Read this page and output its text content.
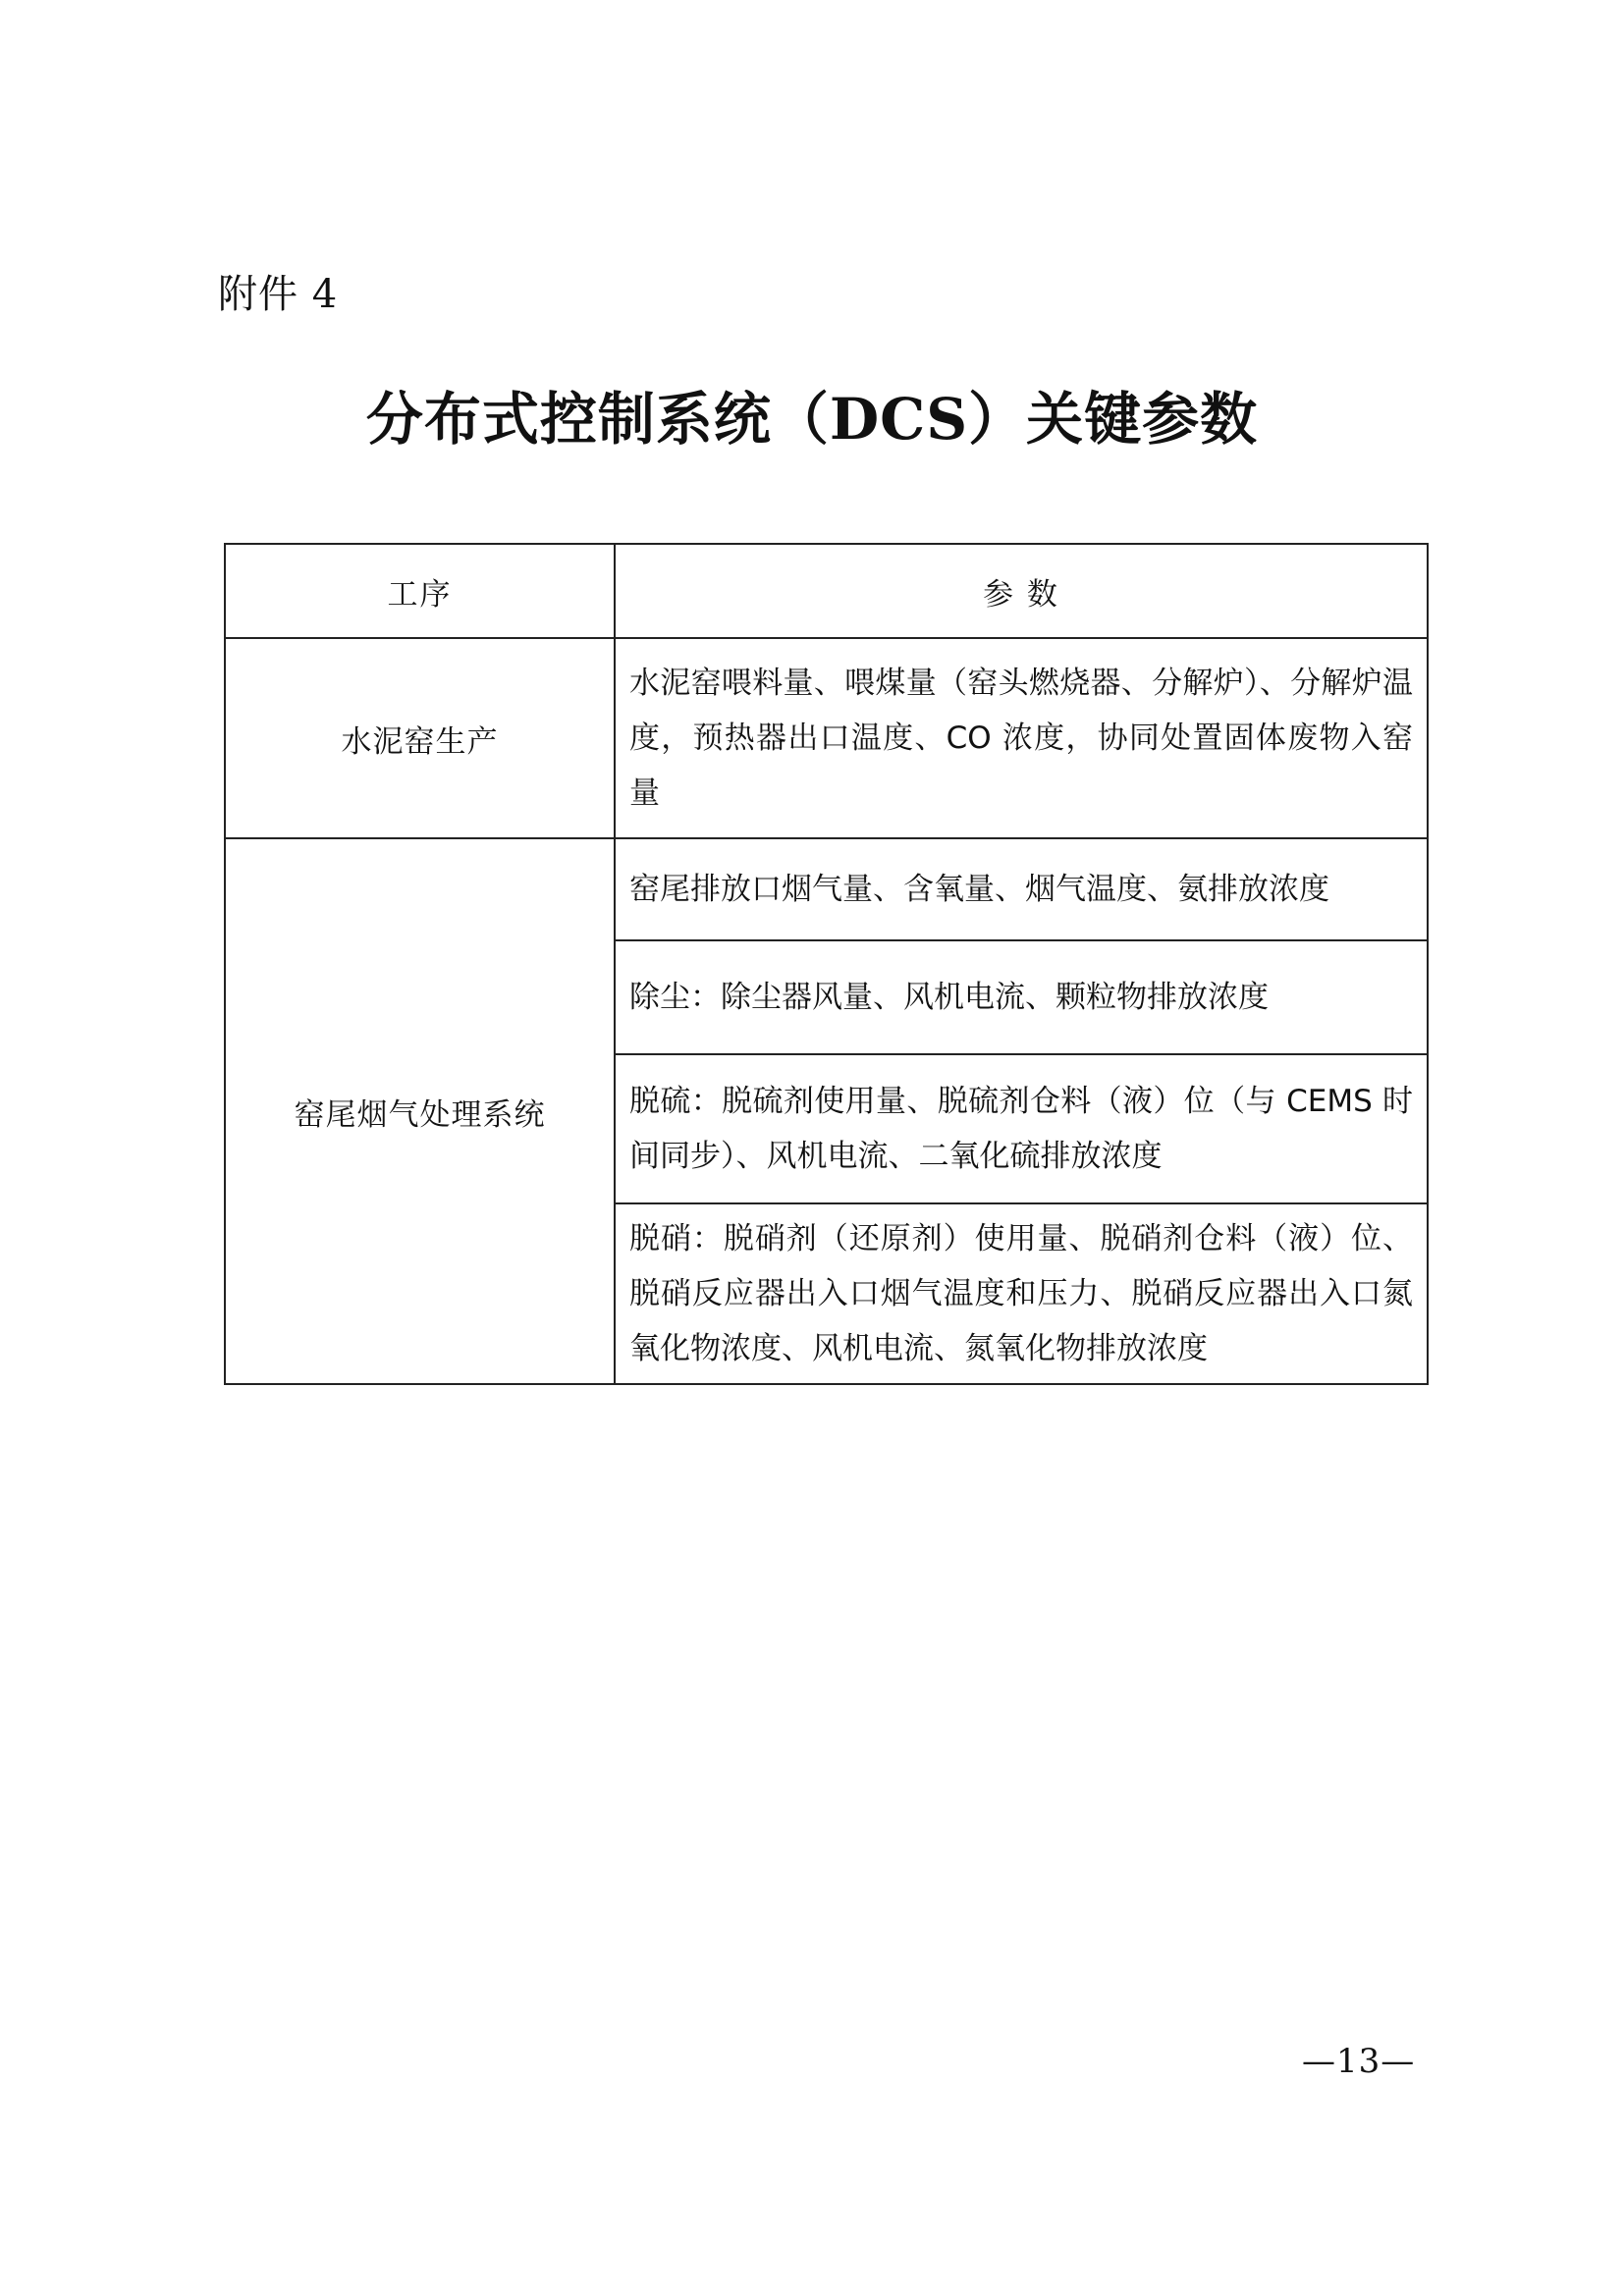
附件 4
分布式控制系统（DCS）关键参数
工序	参 数
水泥窑生产	水泥窑喂料量、喂煤量（窑头燃烧器、分解炉）、分解炉温度，预热器出口温度、CO 浓度，协同处置固体废物入窑量
窑尾烟气处理系统	窑尾排放口烟气量、含氧量、烟气温度、氨排放浓度
	除尘：除尘器风量、风机电流、颗粒物排放浓度
	脱硫：脱硫剂使用量、脱硫剂仓料（液）位（与 CEMS 时间同步）、风机电流、二氧化硫排放浓度
	脱硝：脱硝剂（还原剂）使用量、脱硝剂仓料（液）位、脱硝反应器出入口烟气温度和压力、脱硝反应器出入口氮氧化物浓度、风机电流、氮氧化物排放浓度
—13—
